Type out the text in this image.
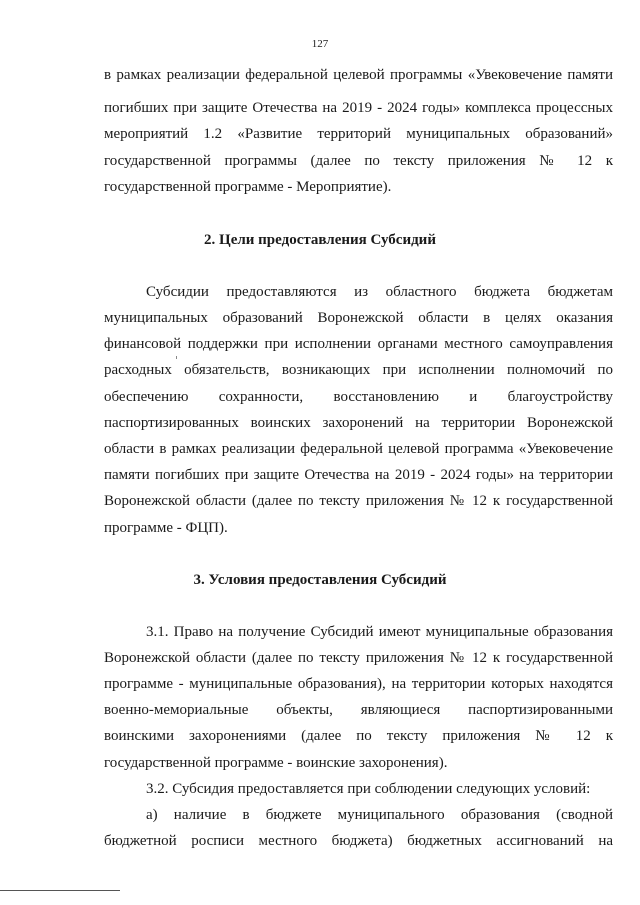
127
в рамках реализации федеральной целевой программы «Увековечение памяти
погибших при защите Отечества на 2019 - 2024 годы» комплекса процессных
мероприятий 1.2 «Развитие территорий муниципальных образований»
государственной программы (далее по тексту приложения № 12 к
государственной программе - Мероприятие).
2. Цели предоставления Субсидий
Субсидии предоставляются из областного бюджета бюджетам
муниципальных образований Воронежской области в целях оказания
финансовой поддержки при исполнении органами местного самоуправления
расходных обязательств, возникающих при исполнении полномочий по
обеспечению сохранности, восстановлению и благоустройству
паспортизированных воинских захоронений на территории Воронежской
области в рамках реализации федеральной целевой программа «Увековечение
памяти погибших при защите Отечества на 2019 - 2024 годы» на территории
Воронежской области (далее по тексту приложения № 12 к государственной
программе - ФЦП).
3. Условия предоставления Субсидий
3.1. Право на получение Субсидий имеют муниципальные образования
Воронежской области (далее по тексту приложения № 12 к государственной
программе - муниципальные образования), на территории которых находятся
военно-мемориальные объекты, являющиеся паспортизированными
воинскими захоронениями (далее по тексту приложения № 12 к
государственной программе - воинские захоронения).
3.2. Субсидия предоставляется при соблюдении следующих условий:
а) наличие в бюджете муниципального образования (сводной
бюджетной росписи местного бюджета) бюджетных ассигнований на
